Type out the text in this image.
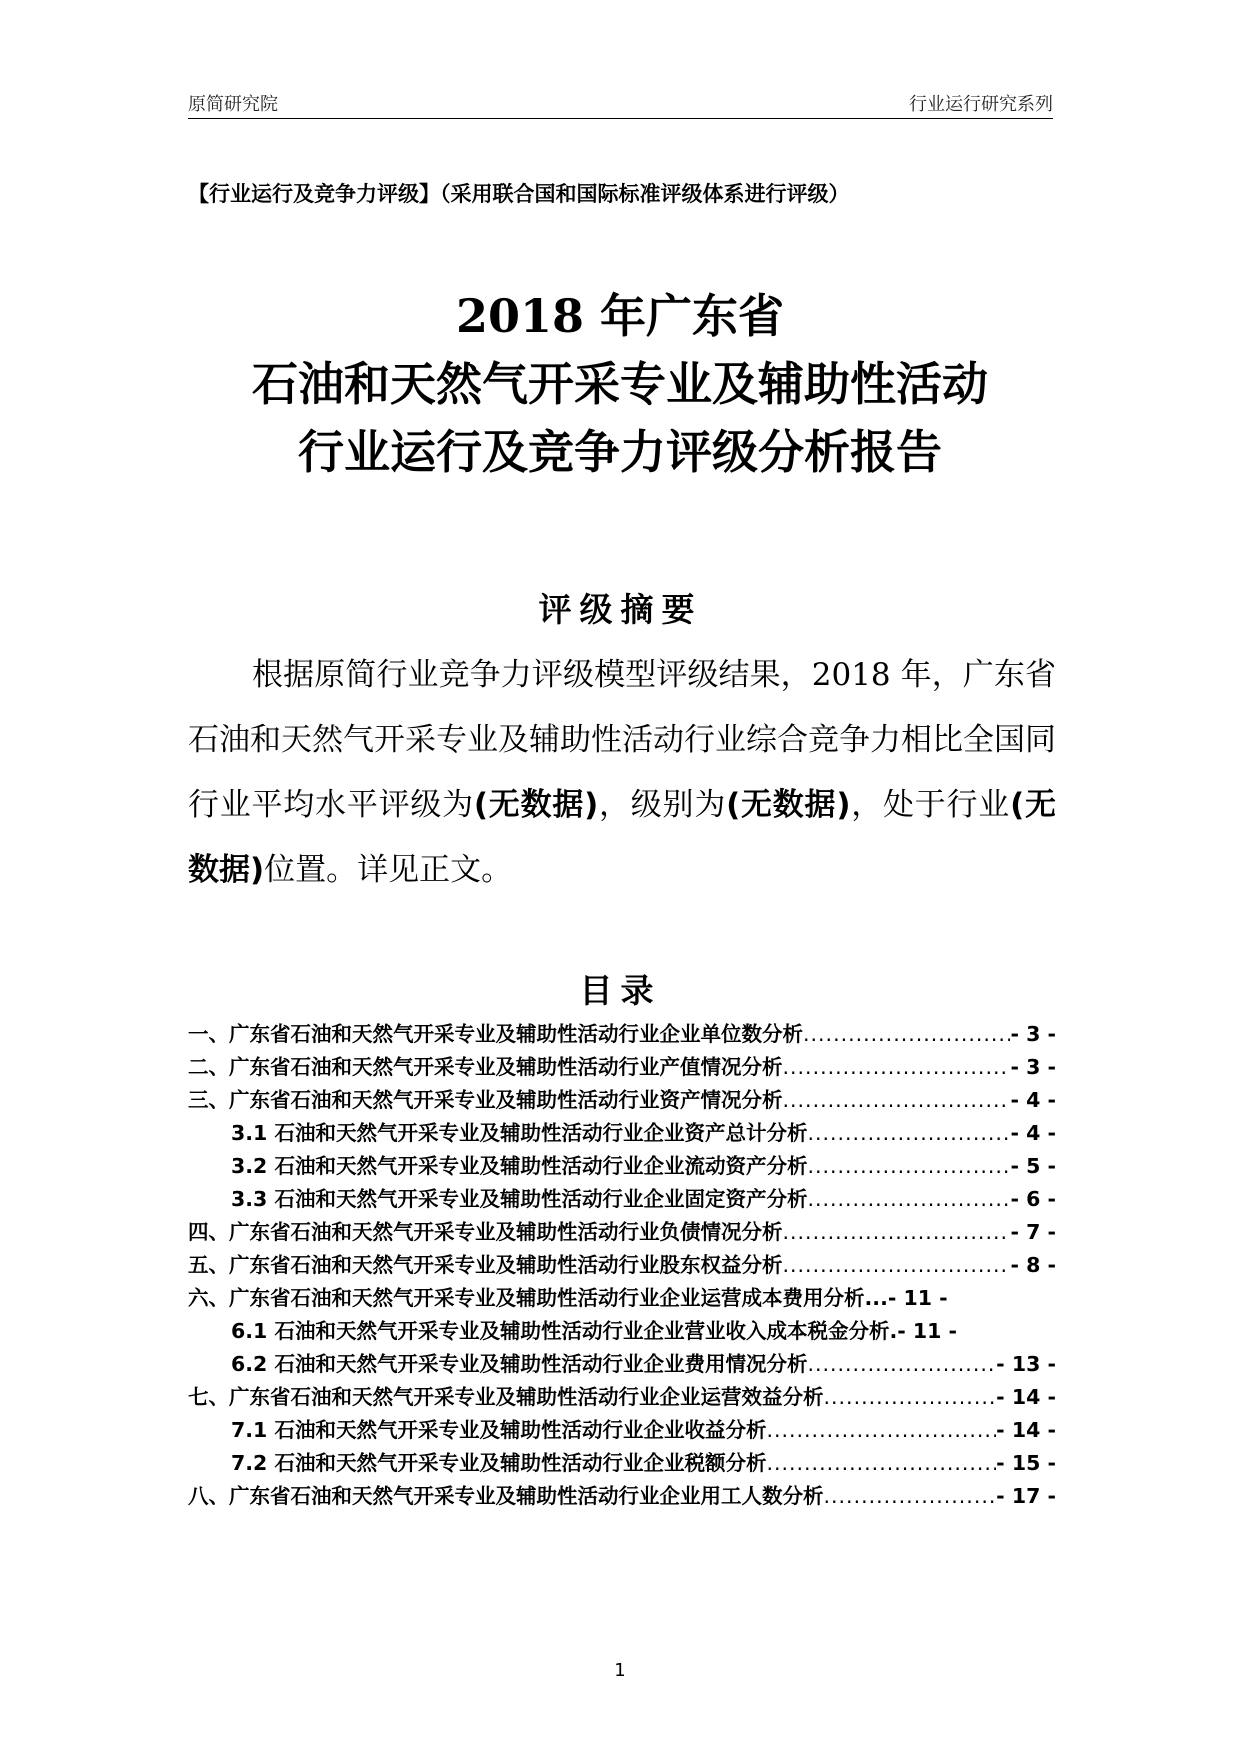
原简研究院	行业运行研究系列
【行业运行及竞争力评级】（采用联合国和国际标准评级体系进行评级）
2018 年广东省
石油和天然气开采专业及辅助性活动
行业运行及竞争力评级分析报告
评级摘要
根据原简行业竞争力评级模型评级结果，2018 年，广东省石油和天然气开采专业及辅助性活动行业综合竞争力相比全国同行业平均水平评级为(无数据)，级别为(无数据)，处于行业(无数据)位置。详见正文。
目录
一、广东省石油和天然气开采专业及辅助性活动行业企业单位数分析 .....	- 3 -
二、广东省石油和天然气开采专业及辅助性活动行业产值情况分析 .....	- 3 -
三、广东省石油和天然气开采专业及辅助性活动行业资产情况分析 .....	- 4 -
3.1 石油和天然气开采专业及辅助性活动行业企业资产总计分析 .....	- 4 -
3.2 石油和天然气开采专业及辅助性活动行业企业流动资产分析 .....	- 5 -
3.3 石油和天然气开采专业及辅助性活动行业企业固定资产分析 .....	- 6 -
四、广东省石油和天然气开采专业及辅助性活动行业负债情况分析 .....	- 7 -
五、广东省石油和天然气开采专业及辅助性活动行业股东权益分析 .....	- 8 -
六、广东省石油和天然气开采专业及辅助性活动行业企业运营成本费用分析...- 11 -
6.1 石油和天然气开采专业及辅助性活动行业企业营业收入成本税金分析.- 11 -
6.2 石油和天然气开采专业及辅助性活动行业企业费用情况分析 .....	- 13 -
七、广东省石油和天然气开采专业及辅助性活动行业企业运营效益分析 .....	- 14 -
7.1 石油和天然气开采专业及辅助性活动行业企业收益分析 .....	- 14 -
7.2 石油和天然气开采专业及辅助性活动行业企业税额分析 .....	- 15 -
八、广东省石油和天然气开采专业及辅助性活动行业企业用工人数分析 .....	- 17 -
1
